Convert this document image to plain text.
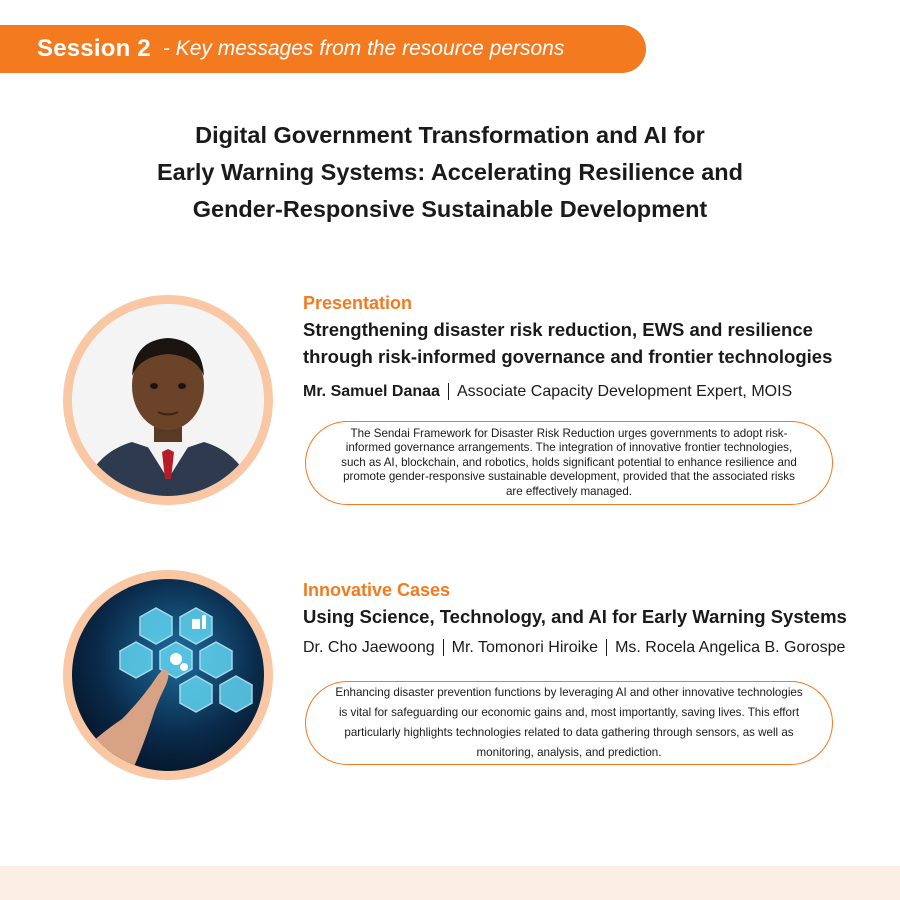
Session 2 - Key messages from the resource persons
Digital Government Transformation and AI for
Early Warning Systems: Accelerating Resilience and
Gender-Responsive Sustainable Development
Presentation
Strengthening disaster risk reduction, EWS and resilience
through risk-informed governance and frontier technologies
Mr. Samuel Danaa Associate Capacity Development Expert, MOIS
The Sendai Framework for Disaster Risk Reduction urges governments to adopt risk-informed governance arrangements. The integration of innovative frontier technologies, such as AI, blockchain, and robotics, holds significant potential to enhance resilience and promote gender-responsive sustainable development, provided that the associated risks are effectively managed.
Innovative Cases
Using Science, Technology, and AI for Early Warning Systems
Dr. Cho Jaewoong Mr. Tomonori Hiroike Ms. Rocela Angelica B. Gorospe
Enhancing disaster prevention functions by leveraging AI and other innovative technologies is vital for safeguarding our economic gains and, most importantly, saving lives. This effort particularly highlights technologies related to data gathering through sensors, as well as monitoring, analysis, and prediction.
